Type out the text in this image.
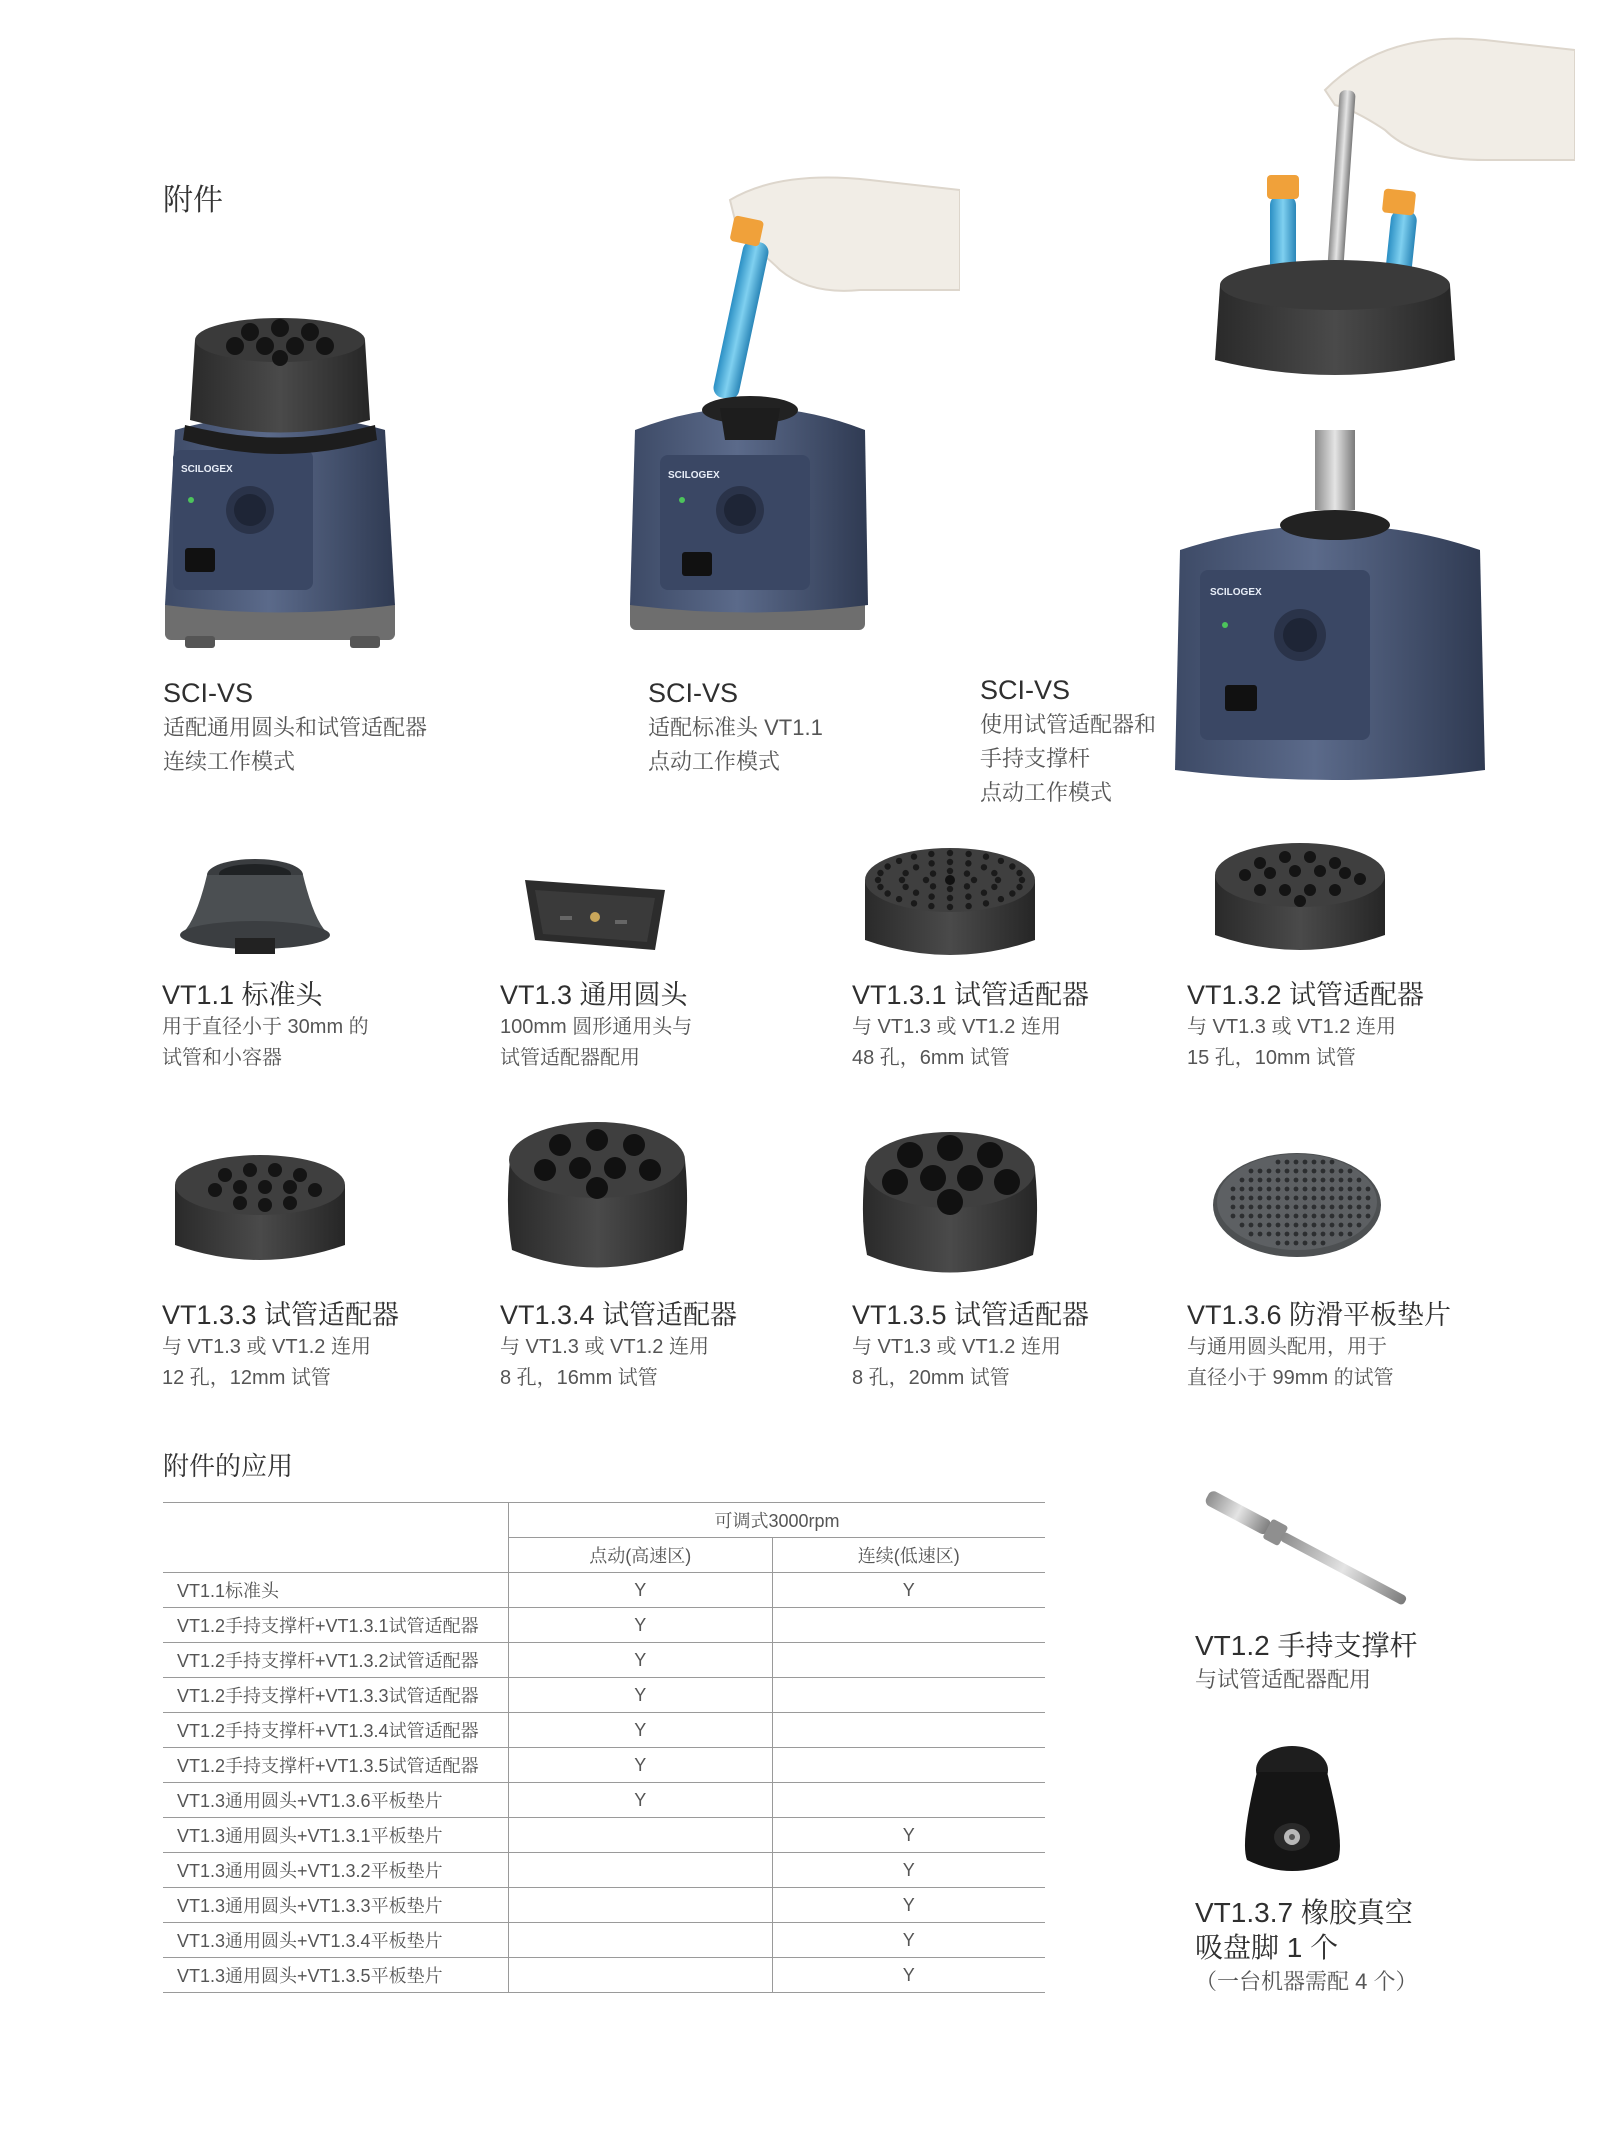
附件
SCILOGEX
SCILOGEX
SCILOGEX
SCI-VS
适配通用圆头和试管适配器
连续工作模式
SCI-VS
适配标准头 VT1.1
点动工作模式
SCI-VS
使用试管适配器和
手持支撑杆
点动工作模式
VT1.1 标准头
用于直径小于 30mm 的
试管和小容器
VT1.3 通用圆头
100mm 圆形通用头与
试管适配器配用
VT1.3.1 试管适配器
与 VT1.3 或 VT1.2 连用
48 孔，6mm 试管
VT1.3.2 试管适配器
与 VT1.3 或 VT1.2 连用
15 孔，10mm 试管
VT1.3.3 试管适配器
与 VT1.3 或 VT1.2 连用
12 孔，12mm 试管
VT1.3.4 试管适配器
与 VT1.3 或 VT1.2 连用
8 孔，16mm 试管
VT1.3.5 试管适配器
与 VT1.3 或 VT1.2 连用
8 孔，20mm 试管
VT1.3.6 防滑平板垫片
与通用圆头配用，用于
直径小于 99mm 的试管
附件的应用
	可调式3000rpm	
	点动(高速区)	连续(低速区)
VT1.1标准头	Y	Y
VT1.2手持支撑杆+VT1.3.1试管适配器	Y	
VT1.2手持支撑杆+VT1.3.2试管适配器	Y	
VT1.2手持支撑杆+VT1.3.3试管适配器	Y	
VT1.2手持支撑杆+VT1.3.4试管适配器	Y	
VT1.2手持支撑杆+VT1.3.5试管适配器	Y	
VT1.3通用圆头+VT1.3.6平板垫片	Y	
VT1.3通用圆头+VT1.3.1平板垫片		Y
VT1.3通用圆头+VT1.3.2平板垫片		Y
VT1.3通用圆头+VT1.3.3平板垫片		Y
VT1.3通用圆头+VT1.3.4平板垫片		Y
VT1.3通用圆头+VT1.3.5平板垫片		Y
VT1.2 手持支撑杆
与试管适配器配用
VT1.3.7 橡胶真空
吸盘脚 1 个
（一台机器需配 4 个）
